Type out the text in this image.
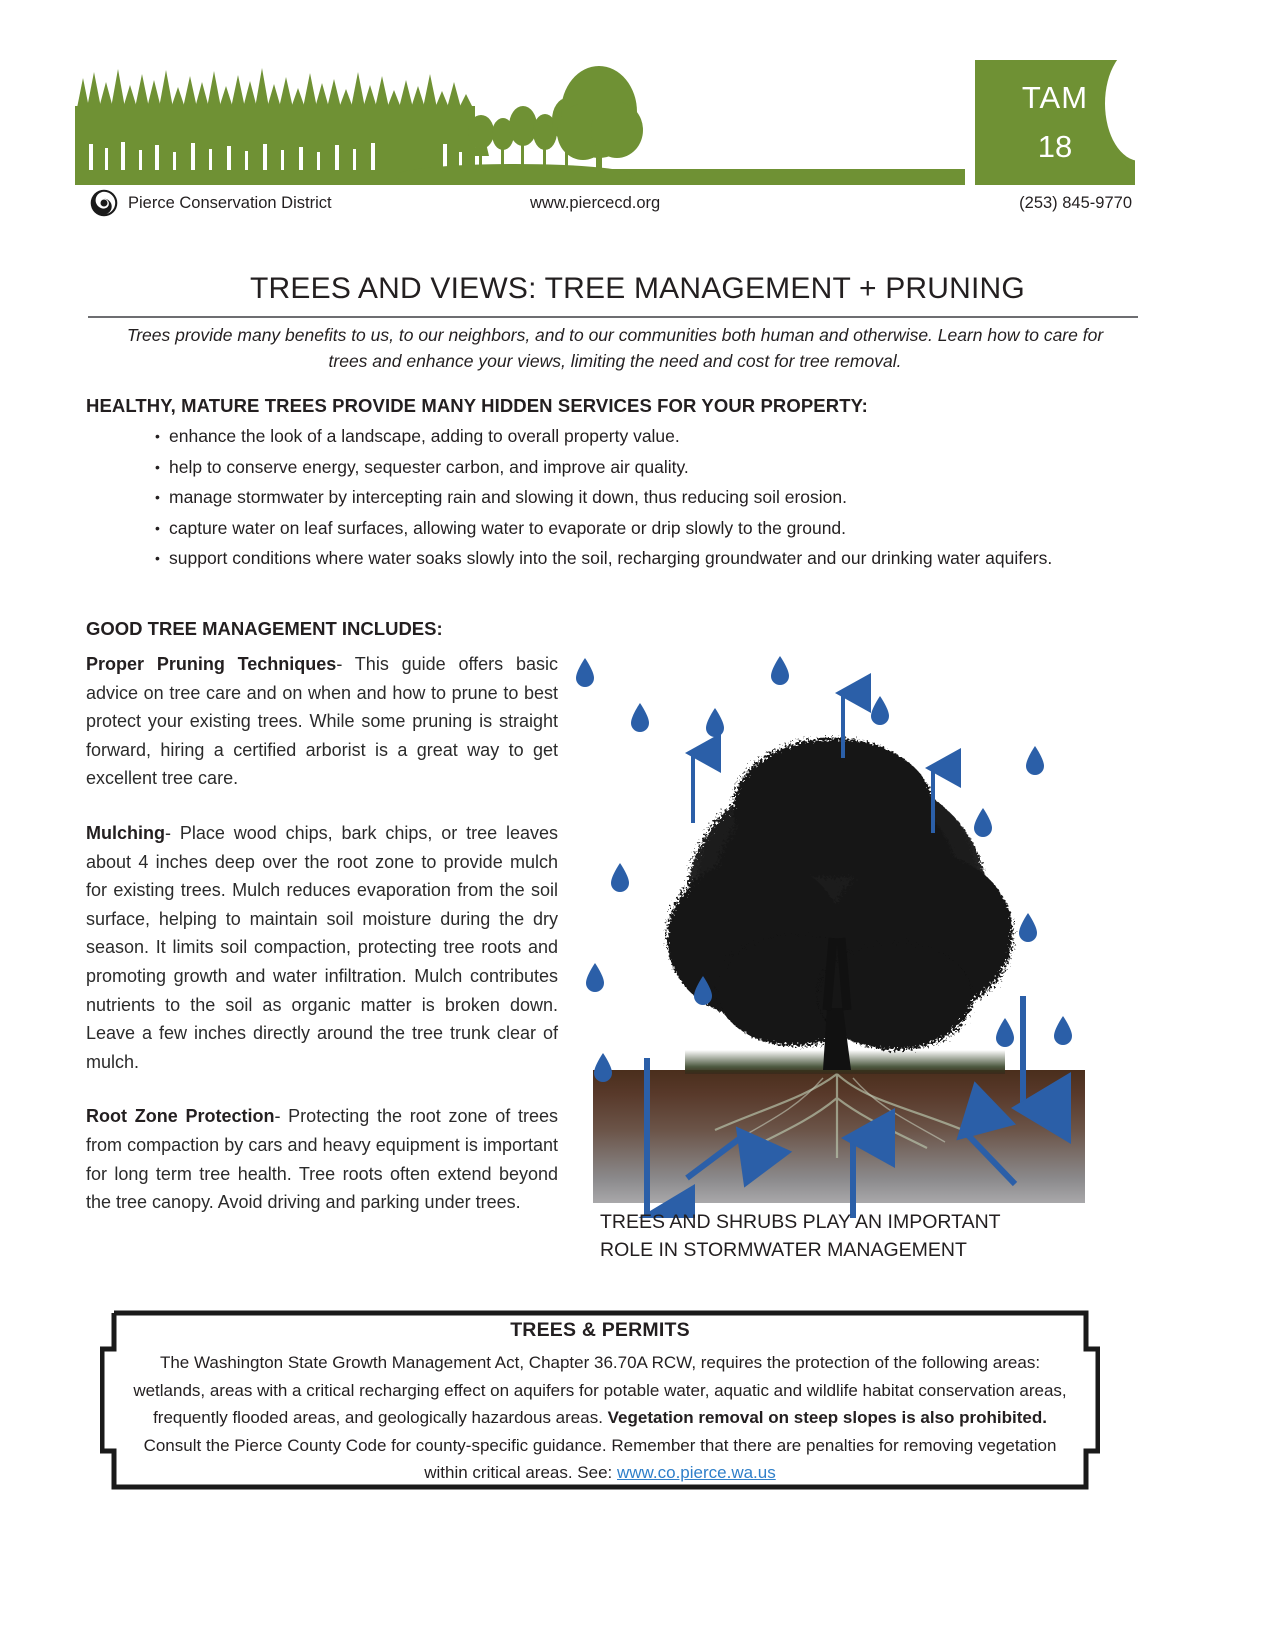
TAM
18
Pierce Conservation District	www.piercecd.org	(253) 845-9770
TREES AND VIEWS: TREE MANAGEMENT + PRUNING
Trees provide many benefits to us, to our neighbors, and to our communities both human and otherwise. Learn how to care for trees and enhance your views, limiting the need and cost for tree removal.
HEALTHY, MATURE TREES PROVIDE MANY HIDDEN SERVICES FOR YOUR PROPERTY:
• enhance the look of a landscape, adding to overall property value.
• help to conserve energy, sequester carbon, and improve air quality.
• manage stormwater by intercepting rain and slowing it down, thus reducing soil erosion.
• capture water on leaf surfaces, allowing water to evaporate or drip slowly to the ground.
• support conditions where water soaks slowly into the soil, recharging groundwater and our drinking water aquifers.
GOOD TREE MANAGEMENT INCLUDES:

Proper Pruning Techniques- This guide offers basic advice on tree care and on when and how to prune to best protect your existing trees. While some pruning is straight forward, hiring a certified arborist is a great way to get excellent tree care.

Mulching- Place wood chips, bark chips, or tree leaves about 4 inches deep over the root zone to provide mulch for existing trees. Mulch reduces evaporation from the soil surface, helping to maintain soil moisture during the dry season. It limits soil compaction, protecting tree roots and promoting growth and water infiltration. Mulch contributes nutrients to the soil as organic matter is broken down. Leave a few inches directly around the tree trunk clear of mulch.

Root Zone Protection- Protecting the root zone of trees from compaction by cars and heavy equipment is important for long term tree health. Tree roots often extend beyond the tree canopy. Avoid driving and parking under trees.

TREES AND SHRUBS PLAY AN IMPORTANT
ROLE IN STORMWATER MANAGEMENT
TREES & PERMITS
The Washington State Growth Management Act, Chapter 36.70A RCW, requires the protection of the following areas: wetlands, areas with a critical recharging effect on aquifers for potable water, aquatic and wildlife habitat conservation areas, frequently flooded areas, and geologically hazardous areas. Vegetation removal on steep slopes is also prohibited. Consult the Pierce County Code for county-specific guidance. Remember that there are penalties for removing vegetation within critical areas. See: www.co.pierce.wa.us
